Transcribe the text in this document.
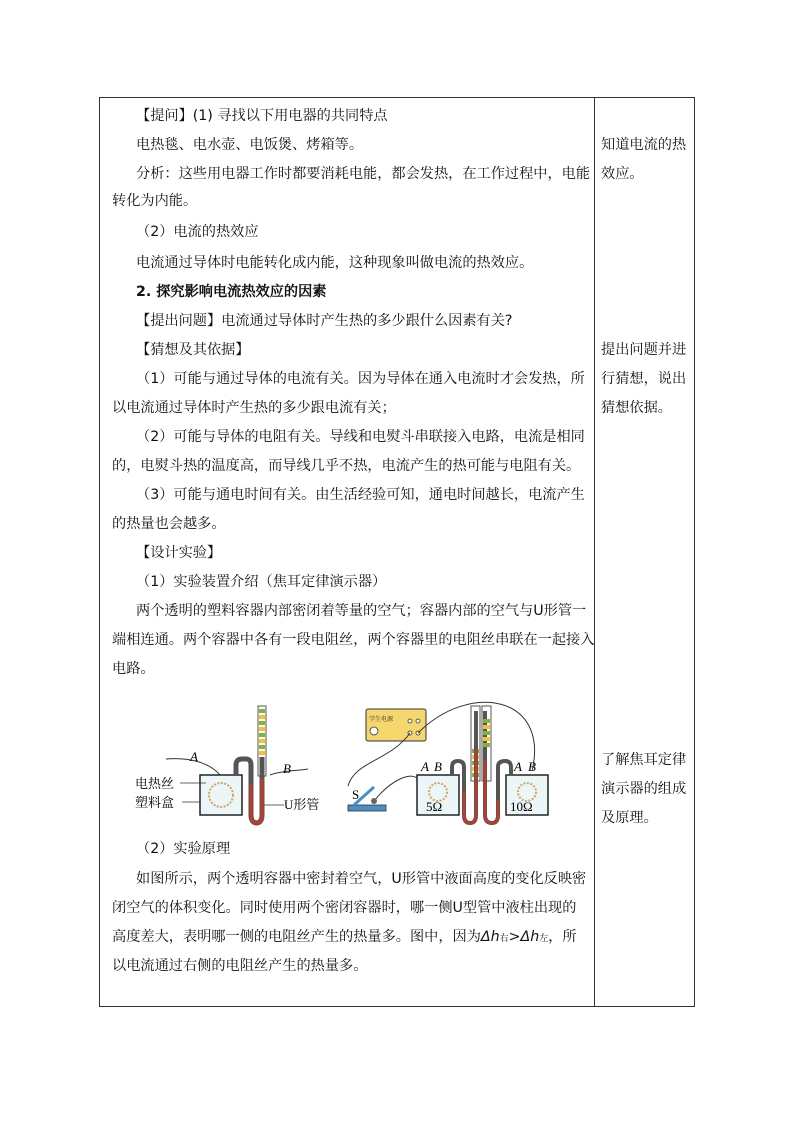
【提问】(1) 寻找以下用电器的共同特点
电热毯、电水壶、电饭煲、烤箱等。
分析：这些用电器工作时都要消耗电能，都会发热，在工作过程中，电能
转化为内能。
（2）电流的热效应
电流通过导体时电能转化成内能，这种现象叫做电流的热效应。
2. 探究影响电流热效应的因素
【提出问题】电流通过导体时产生热的多少跟什么因素有关?
【猜想及其依据】
（1）可能与通过导体的电流有关。因为导体在通入电流时才会发热，所
以电流通过导体时产生热的多少跟电流有关；
（2）可能与导体的电阻有关。导线和电熨斗串联接入电路，电流是相同
的，电熨斗热的温度高，而导线几乎不热，电流产生的热可能与电阻有关。
（3）可能与通电时间有关。由生活经验可知，通电时间越长，电流产生
的热量也会越多。
【设计实验】
（1）实验装置介绍（焦耳定律演示器）
两个透明的塑料容器内部密闭着等量的空气；容器内部的空气与U形管一
端相连通。两个容器中各有一段电阻丝，两个容器里的电阻丝串联在一起接入
电路。
A
B
电热丝
塑料盒	U形管
学生电源
S
5Ω
A B
10Ω
A B
（2）实验原理
如图所示，两个透明容器中密封着空气，U形管中液面高度的变化反映密
闭空气的体积变化。同时使用两个密闭容器时，哪一侧U型管中液柱出现的
高度差大，表明哪一侧的电阻丝产生的热量多。图中，因为Δh右>Δh左，所
以电流通过右侧的电阻丝产生的热量多。
知道电流的热
效应。
提出问题并进
行猜想，说出
猜想依据。
了解焦耳定律
演示器的组成
及原理。
